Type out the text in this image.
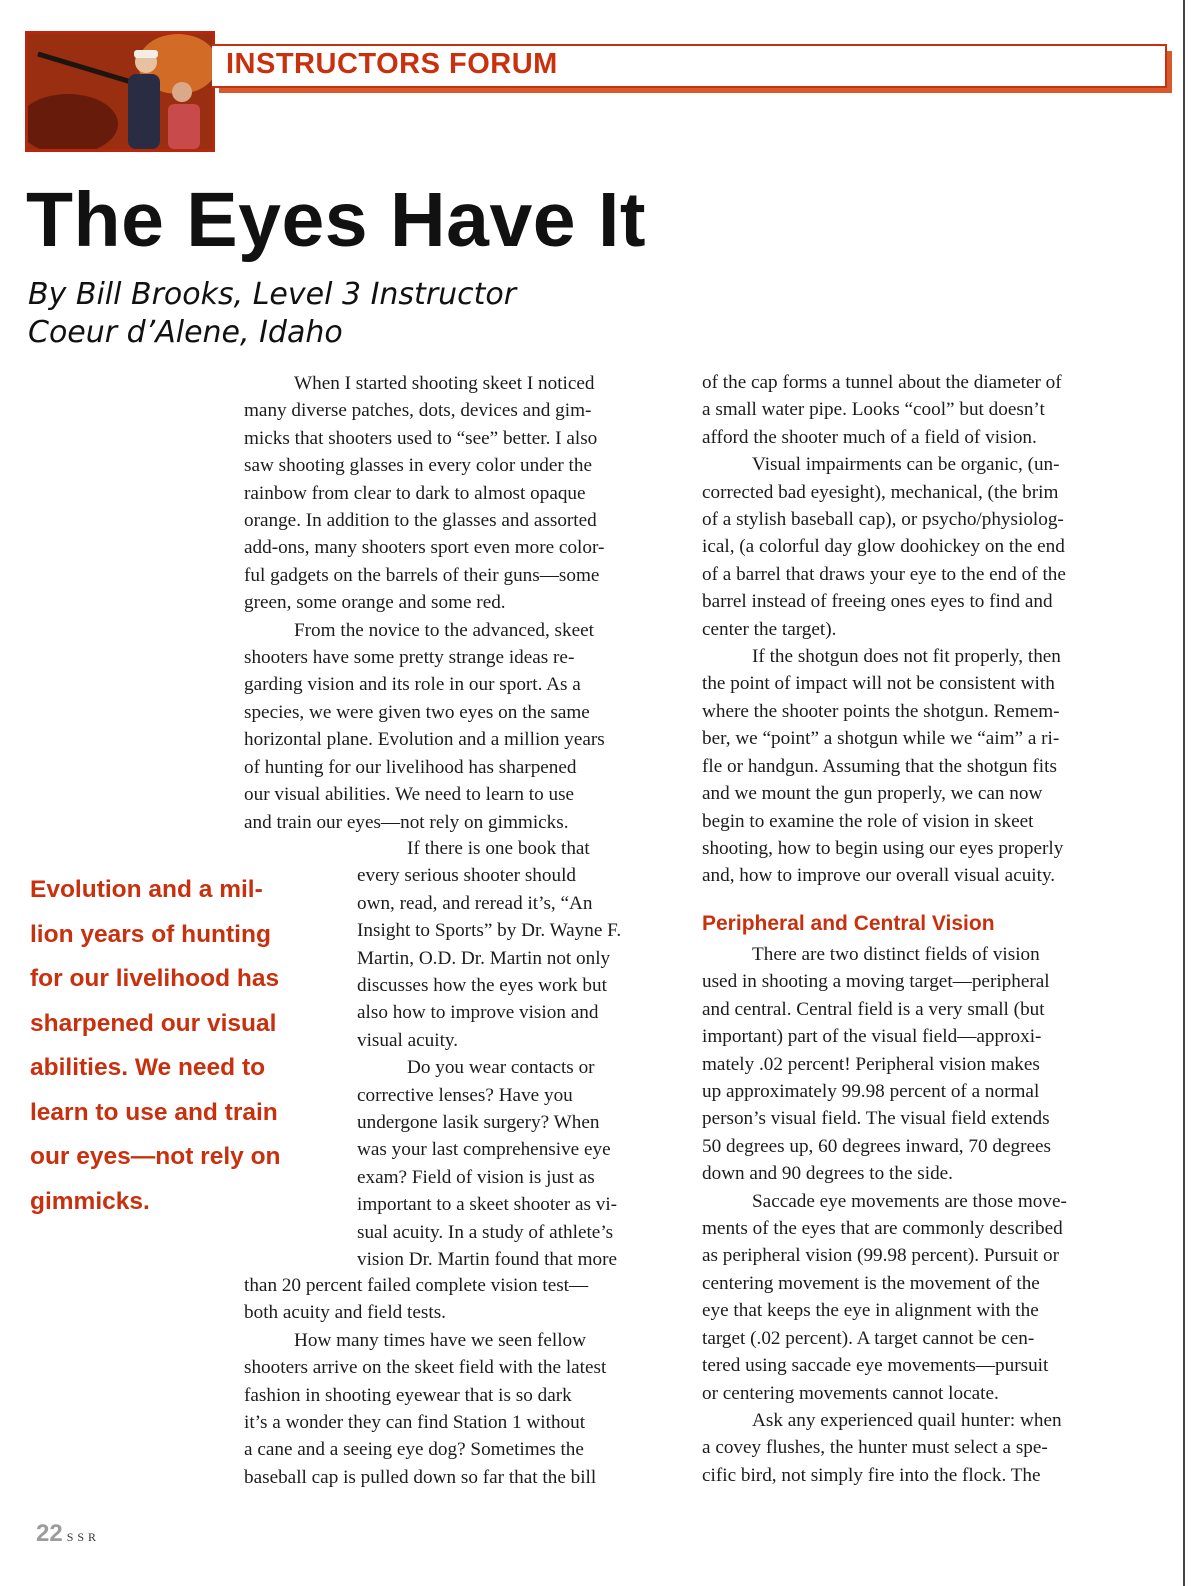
INSTRUCTORS FORUM
The Eyes Have It
By Bill Brooks, Level 3 Instructor
Coeur d’Alene, Idaho
When I started shooting skeet I noticed
many diverse patches, dots, devices and gim-
micks that shooters used to “see” better. I also
saw shooting glasses in every color under the
rainbow from clear to dark to almost opaque
orange. In addition to the glasses and assorted
add-ons, many shooters sport even more color-
ful gadgets on the barrels of their guns—some
green, some orange and some red.
From the novice to the advanced, skeet
shooters have some pretty strange ideas re-
garding vision and its role in our sport. As a
species, we were given two eyes on the same
horizontal plane. Evolution and a million years
of hunting for our livelihood has sharpened
our visual abilities. We need to learn to use
and train our eyes—not rely on gimmicks.
If there is one book that
every serious shooter should
own, read, and reread it’s, “An
Insight to Sports” by Dr. Wayne F.
Martin, O.D. Dr. Martin not only
discusses how the eyes work but
also how to improve vision and
visual acuity.
Do you wear contacts or
corrective lenses? Have you
undergone lasik surgery? When
was your last comprehensive eye
exam? Field of vision is just as
important to a skeet shooter as vi-
sual acuity. In a study of athlete’s
vision Dr. Martin found that more
than 20 percent failed complete vision test—
both acuity and field tests.
How many times have we seen fellow
shooters arrive on the skeet field with the latest
fashion in shooting eyewear that is so dark
it’s a wonder they can find Station 1 without
a cane and a seeing eye dog? Sometimes the
baseball cap is pulled down so far that the bill
of the cap forms a tunnel about the diameter of
a small water pipe. Looks “cool” but doesn’t
afford the shooter much of a field of vision.
Visual impairments can be organic, (un-
corrected bad eyesight), mechanical, (the brim
of a stylish baseball cap), or psycho/physiolog-
ical, (a colorful day glow doohickey on the end
of a barrel that draws your eye to the end of the
barrel instead of freeing ones eyes to find and
center the target).
If the shotgun does not fit properly, then
the point of impact will not be consistent with
where the shooter points the shotgun. Remem-
ber, we “point” a shotgun while we “aim” a ri-
fle or handgun. Assuming that the shotgun fits
and we mount the gun properly, we can now
begin to examine the role of vision in skeet
shooting, how to begin using our eyes properly
and, how to improve our overall visual acuity.
Peripheral and Central Vision
There are two distinct fields of vision
used in shooting a moving target—peripheral
and central. Central field is a very small (but
important) part of the visual field—approxi-
mately .02 percent! Peripheral vision makes
up approximately 99.98 percent of a normal
person’s visual field. The visual field extends
50 degrees up, 60 degrees inward, 70 degrees
down and 90 degrees to the side.
Saccade eye movements are those move-
ments of the eyes that are commonly described
as peripheral vision (99.98 percent). Pursuit or
centering movement is the movement of the
eye that keeps the eye in alignment with the
target (.02 percent). A target cannot be cen-
tered using saccade eye movements—pursuit
or centering movements cannot locate.
Ask any experienced quail hunter: when
a covey flushes, the hunter must select a spe-
cific bird, not simply fire into the flock. The
Evolution and a mil-
lion years of hunting
for our livelihood has
sharpened our visual
abilities. We need to
learn to use and train
our eyes—not rely on
gimmicks.
22 SSR
